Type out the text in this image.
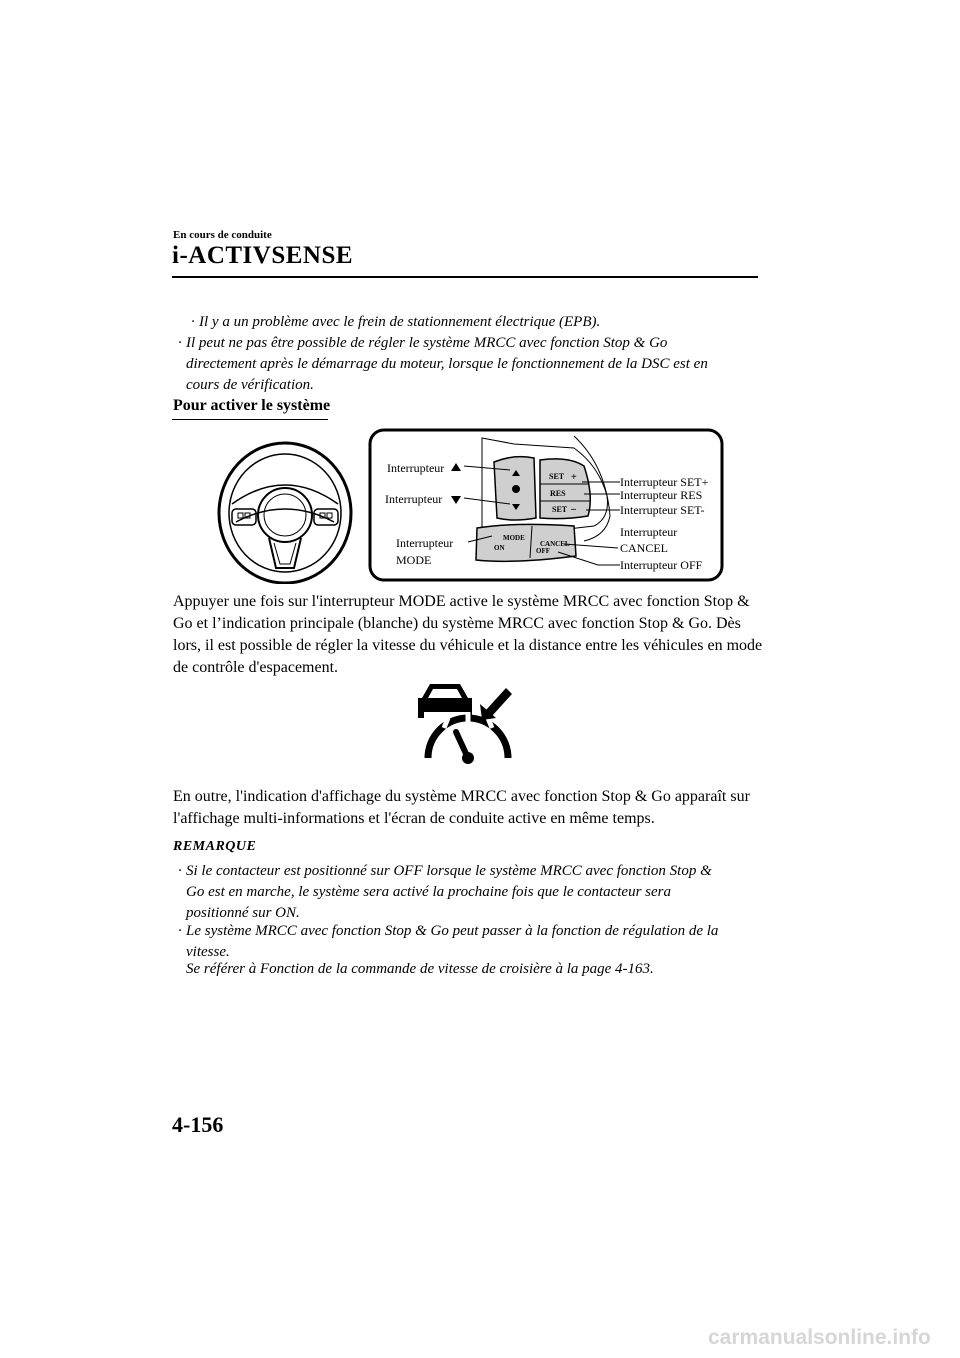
En cours de conduite
i-ACTIVSENSE
· Il y a un problème avec le frein de stationnement électrique (EPB).
· Il peut ne pas être possible de régler le système MRCC avec fonction Stop & Go
directement après le démarrage du moteur, lorsque le fonctionnement de la DSC est en
cours de vérification.
Pour activer le système
SET +
RES
SET –
MODE
ON	CANCEL
OFF
Interrupteur
Interrupteur
Interrupteur
MODE
Interrupteur SET+
Interrupteur RES
Interrupteur SET-
Interrupteur
CANCEL
Interrupteur OFF
Appuyer une fois sur l'interrupteur MODE active le système MRCC avec fonction Stop &
Go et l’indication principale (blanche) du système MRCC avec fonction Stop & Go. Dès
lors, il est possible de régler la vitesse du véhicule et la distance entre les véhicules en mode
de contrôle d'espacement.
En outre, l'indication d'affichage du système MRCC avec fonction Stop & Go apparaît sur
l'affichage multi-informations et l'écran de conduite active en même temps.
REMARQUE
· Si le contacteur est positionné sur OFF lorsque le système MRCC avec fonction Stop &
Go est en marche, le système sera activé la prochaine fois que le contacteur sera
positionné sur ON.
· Le système MRCC avec fonction Stop & Go peut passer à la fonction de régulation de la
vitesse.
Se référer à Fonction de la commande de vitesse de croisière à la page 4-163.
4-156
carmanualsonline.info
